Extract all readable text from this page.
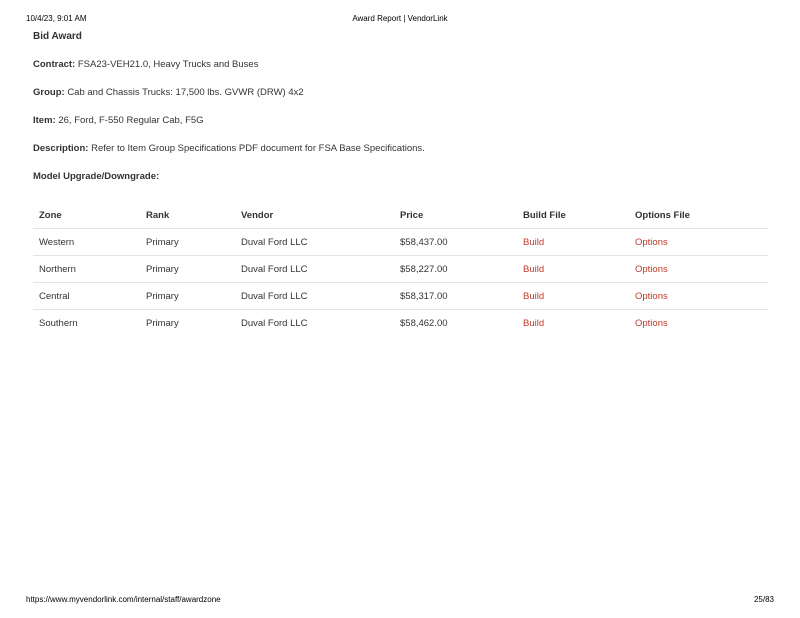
10/4/23, 9:01 AM	Award Report | VendorLink
Bid Award
Contract: FSA23-VEH21.0, Heavy Trucks and Buses
Group: Cab and Chassis Trucks: 17,500 lbs. GVWR (DRW) 4x2
Item: 26, Ford, F-550 Regular Cab, F5G
Description: Refer to Item Group Specifications PDF document for FSA Base Specifications.
Model Upgrade/Downgrade:
Zone	Rank	Vendor	Price	Build File	Options File
Western	Primary	Duval Ford LLC	$58,437.00	Build	Options
Northern	Primary	Duval Ford LLC	$58,227.00	Build	Options
Central	Primary	Duval Ford LLC	$58,317.00	Build	Options
Southern	Primary	Duval Ford LLC	$58,462.00	Build	Options
https://www.myvendorlink.com/internal/staff/awardzone	25/83
